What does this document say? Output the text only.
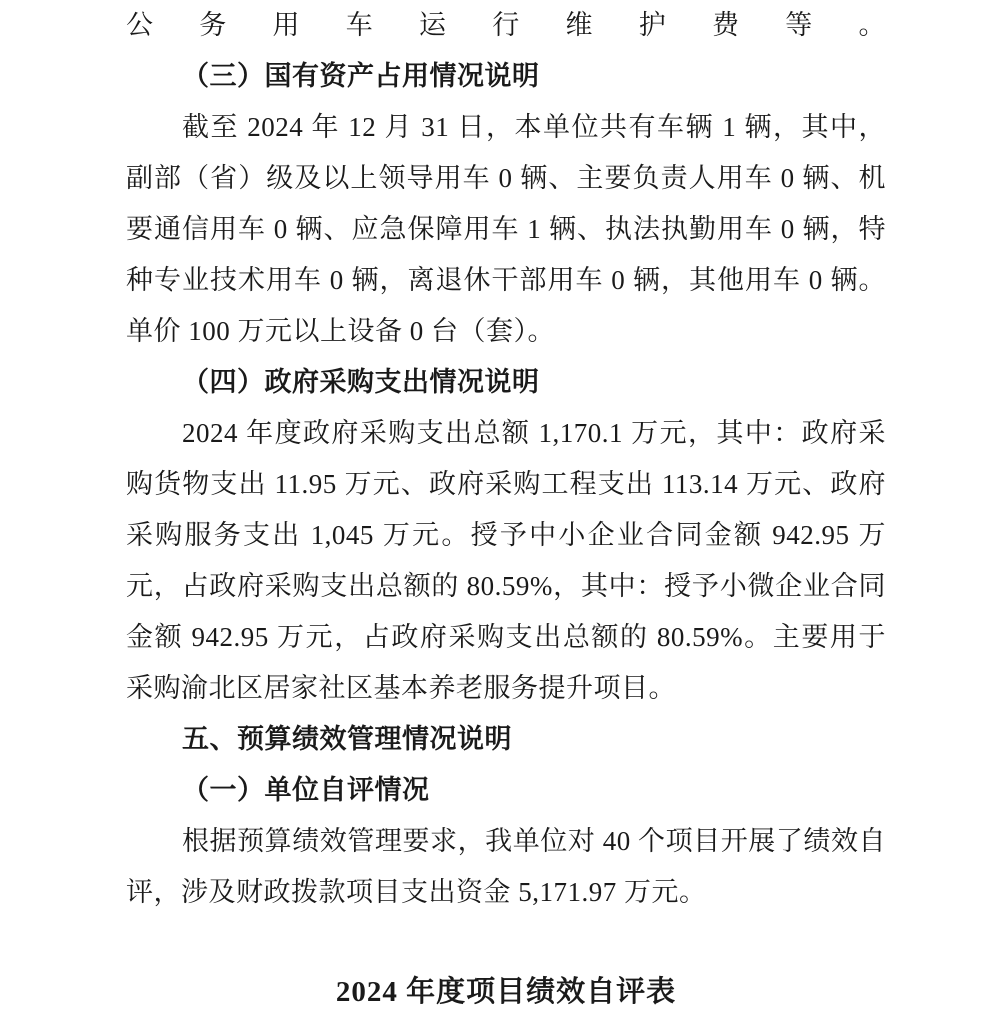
公务用车运行维护费等。

（三）国有资产占用情况说明

截至 2024 年 12 月 31 日，本单位共有车辆 1 辆，其中，副部（省）级及以上领导用车 0 辆、主要负责人用车 0 辆、机要通信用车 0 辆、应急保障用车 1 辆、执法执勤用车 0 辆，特种专业技术用车 0 辆，离退休干部用车 0 辆，其他用车 0 辆。单价 100 万元以上设备 0 台（套）。

（四）政府采购支出情况说明

2024 年度政府采购支出总额 1,170.1 万元，其中：政府采购货物支出 11.95 万元、政府采购工程支出 113.14 万元、政府采购服务支出 1,045 万元。授予中小企业合同金额 942.95 万元，占政府采购支出总额的 80.59%，其中：授予小微企业合同金额 942.95 万元，占政府采购支出总额的 80.59%。主要用于采购渝北区居家社区基本养老服务提升项目。

五、预算绩效管理情况说明

（一）单位自评情况

根据预算绩效管理要求，我单位对 40 个项目开展了绩效自评，涉及财政拨款项目支出资金 5,171.97 万元。

2024 年度项目绩效自评表
